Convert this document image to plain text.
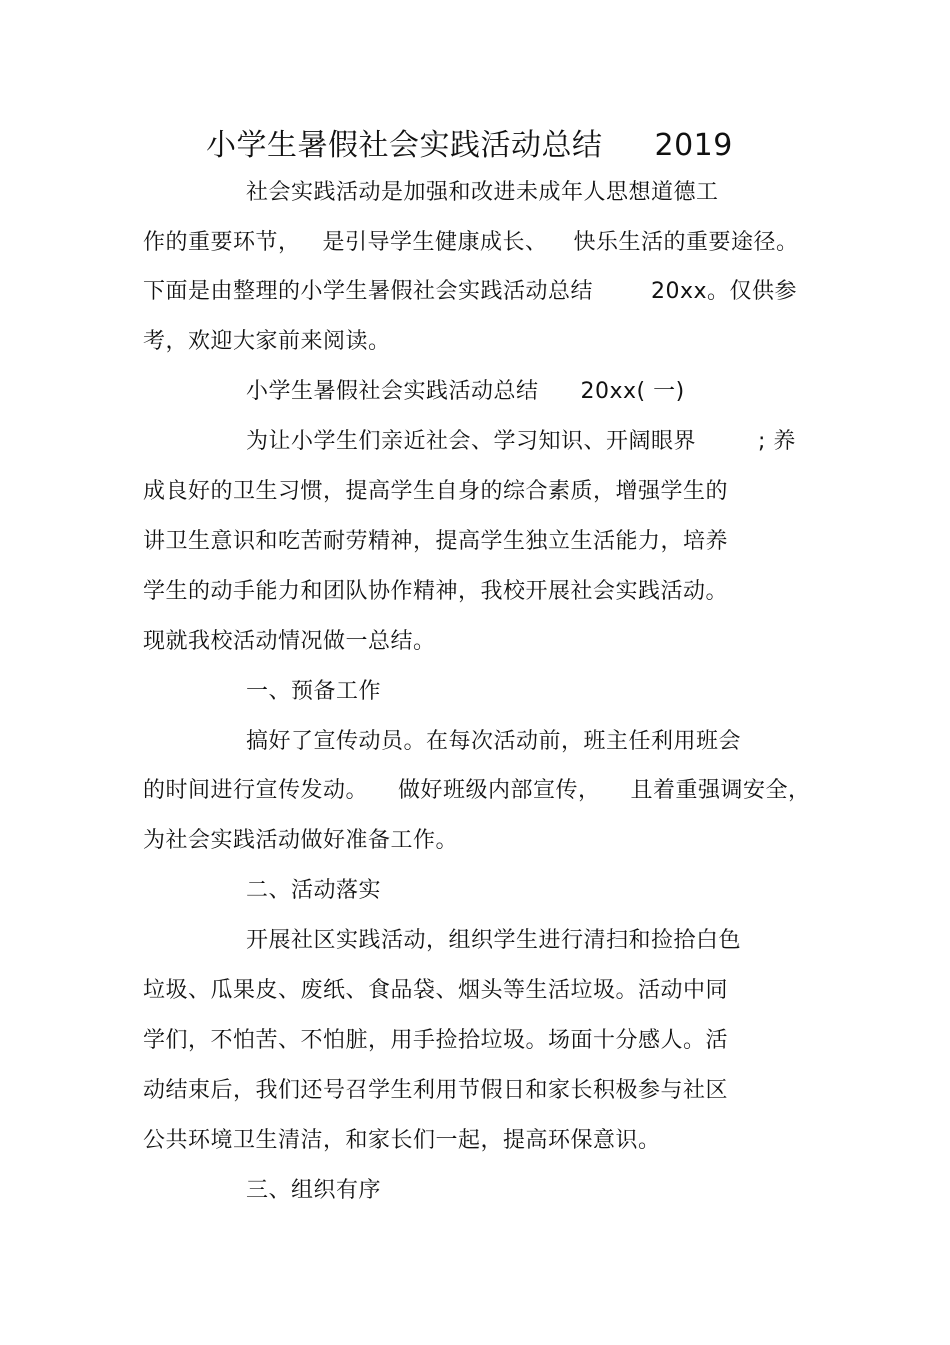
小学生暑假社会实践活动总结 2019
社会实践活动是加强和改进未成年人思想道德工
作的重要环节， 是引导学生健康成长、 快乐生活的重要途径。
下面是由整理的小学生暑假社会实践活动总结	20xx。仅供参
考，欢迎大家前来阅读。
小学生暑假社会实践活动总结 20xx( 一)
为让小学生们亲近社会、学习知识、开阔眼界	; 养
成良好的卫生习惯，提高学生自身的综合素质，增强学生的
讲卫生意识和吃苦耐劳精神，提高学生独立生活能力，培养
学生的动手能力和团队协作精神，我校开展社会实践活动。
现就我校活动情况做一总结。
一、预备工作
搞好了宣传动员。在每次活动前，班主任利用班会
的时间进行宣传发动。 做好班级内部宣传， 且着重强调安全，
为社会实践活动做好准备工作。
二、活动落实
开展社区实践活动，组织学生进行清扫和捡拾白色
垃圾、瓜果皮、废纸、食品袋、烟头等生活垃圾。活动中同
学们，不怕苦、不怕脏，用手捡拾垃圾。场面十分感人。活
动结束后，我们还号召学生利用节假日和家长积极参与社区
公共环境卫生清洁，和家长们一起，提高环保意识。
三、组织有序
